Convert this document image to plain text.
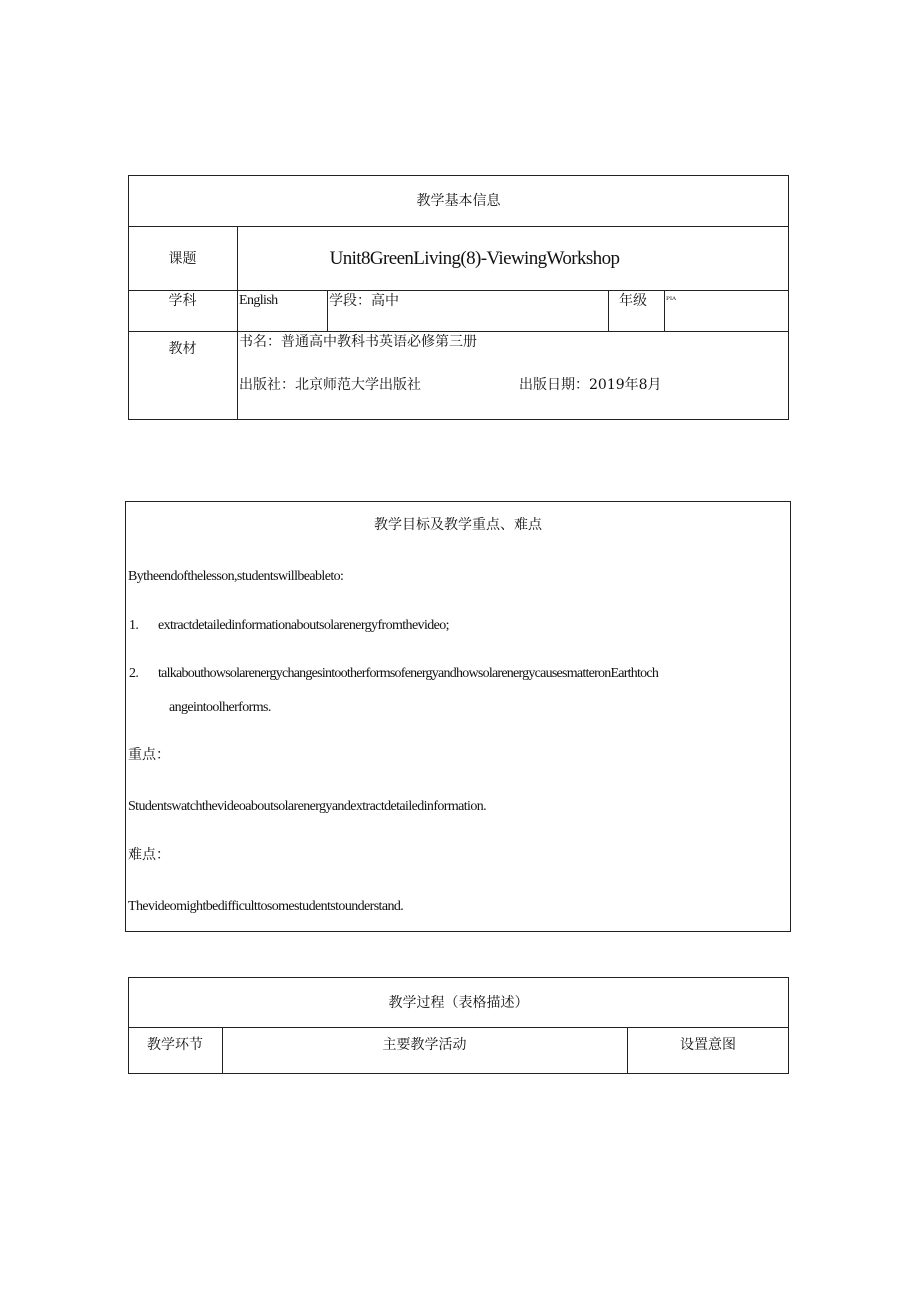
教学基本信息
课题	Unit8GreenLiving(8)-ViewingWorkshop
学科	English	学段：高中	年级 ᴾᴵᴬ
教材	书名：普通高中教科书英语必修第三册
出版社：北京师范大学出版社	出版日期：2019年8月
教学目标及教学重点、难点
Bytheendofthelesson,studentswillbeableto:
1. extractdetailedinformationaboutsolarenergyfromthevideo;
2. talkabouthowsolarenergychangesintootherformsofenergyandhowsolarenergycausesmatteronEarthtoch
angeintoolherforms.
重点：
Studentswatchthevideoaboutsolarenergyandextractdetailedinformation.
难点：
Thevideomightbedifficulttosomestudentstounderstand.
教学过程（表格描述）
教学环节	主要教学活动	设置意图
